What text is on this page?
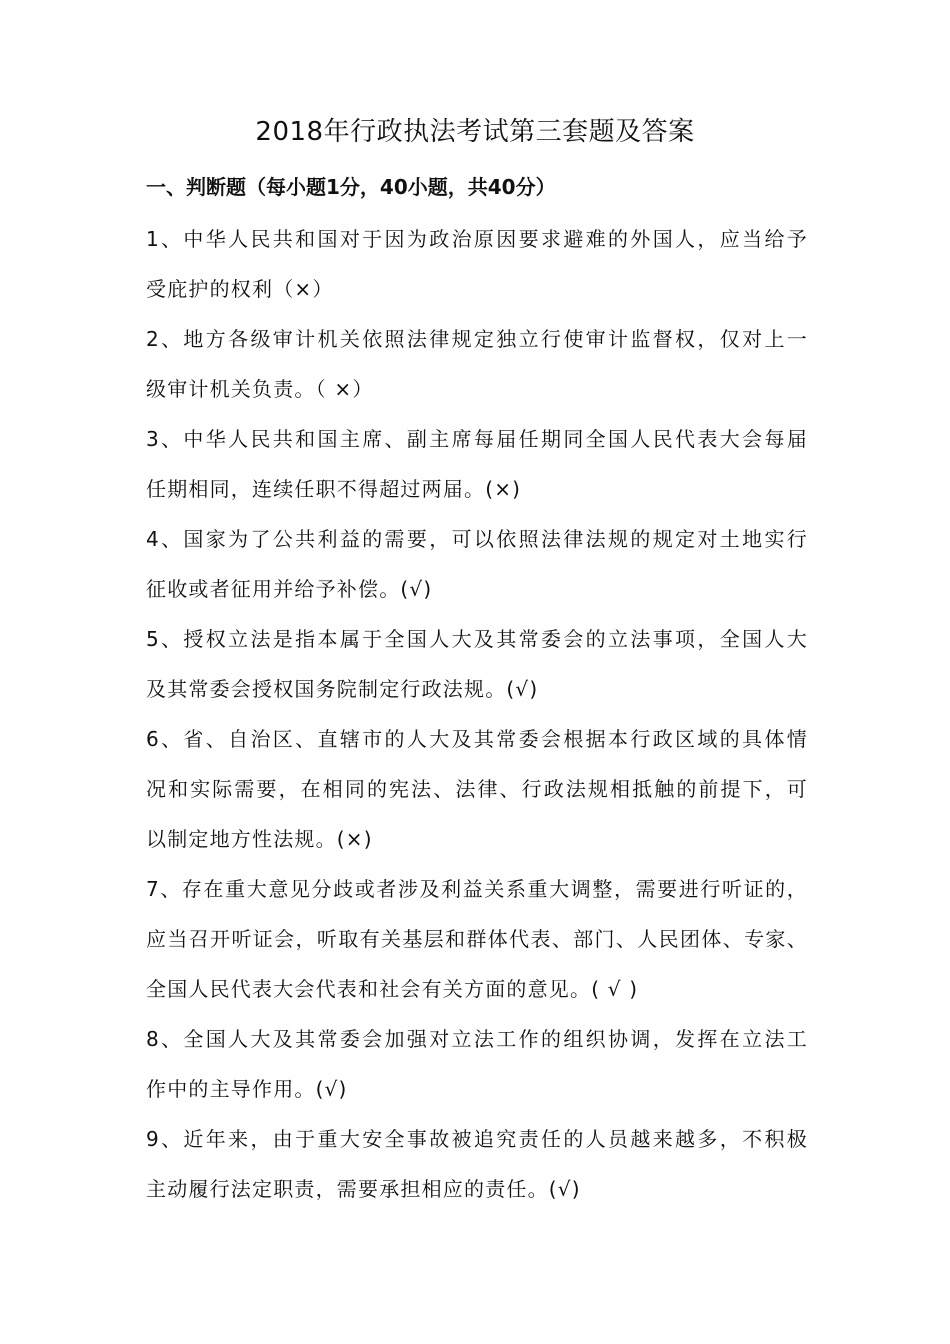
2018年行政执法考试第三套题及答案
一、判断题（每小题1分，40小题，共40分）
1、中华人民共和国对于因为政治原因要求避难的外国人，应当给予
受庇护的权利（×）
2、地方各级审计机关依照法律规定独立行使审计监督权，仅对上一
级审计机关负责。（ ×）
3、中华人民共和国主席、副主席每届任期同全国人民代表大会每届
任期相同，连续任职不得超过两届。(×)
4、国家为了公共利益的需要，可以依照法律法规的规定对土地实行
征收或者征用并给予补偿。(√)
5、授权立法是指本属于全国人大及其常委会的立法事项，全国人大
及其常委会授权国务院制定行政法规。(√)
6、省、自治区、直辖市的人大及其常委会根据本行政区域的具体情
况和实际需要，在相同的宪法、法律、行政法规相抵触的前提下，可
以制定地方性法规。(×)
7、存在重大意见分歧或者涉及利益关系重大调整，需要进行听证的，
应当召开听证会，听取有关基层和群体代表、部门、人民团体、专家、
全国人民代表大会代表和社会有关方面的意见。( √ )
8、全国人大及其常委会加强对立法工作的组织协调，发挥在立法工
作中的主导作用。(√)
9、近年来，由于重大安全事故被追究责任的人员越来越多，不积极
主动履行法定职责，需要承担相应的责任。(√)
